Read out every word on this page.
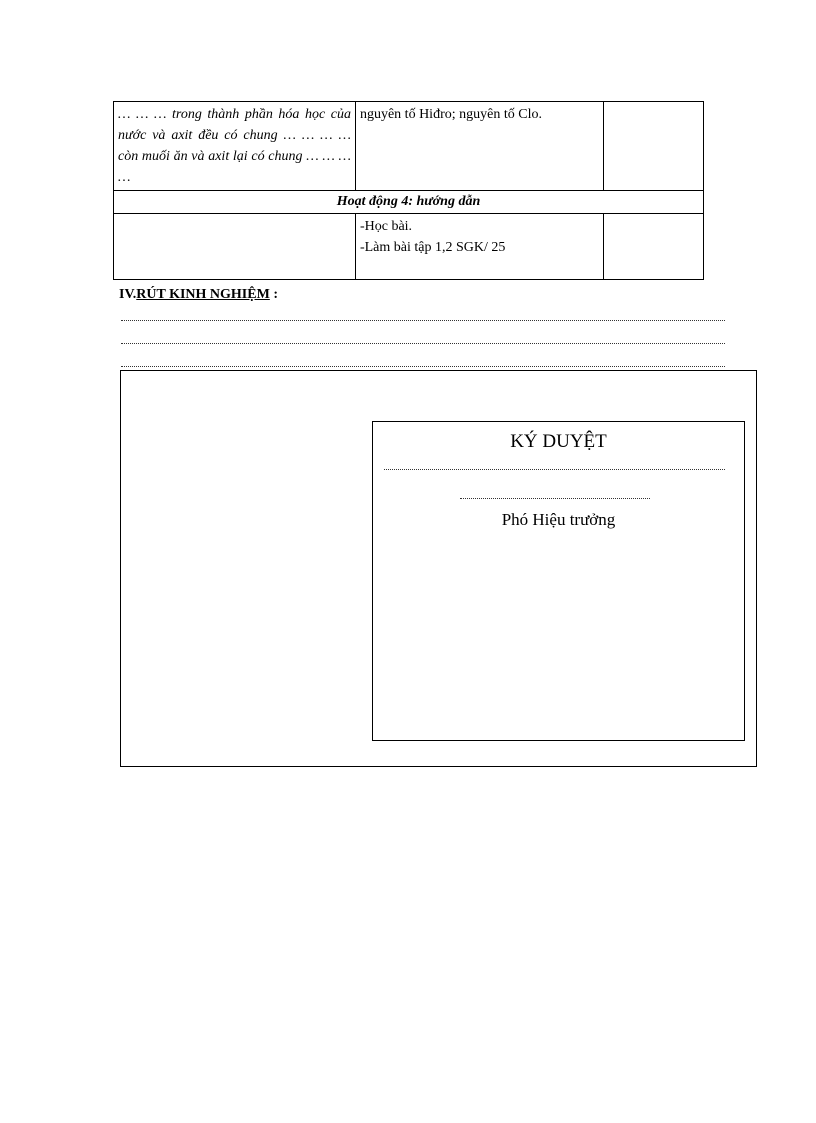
… … … trong thành phần hóa học của nước và axit đều có chung … … … … còn muối ăn và axit lại có chung … … … …	nguyên tố Hiđro; nguyên tố Clo.	
Hoạt động 4: hướng dẫn		

	-Học bài.
-Làm bài tập 1,2 SGK/ 25	

IV.RÚT KINH NGHIỆM :
KÝ DUYỆT
Phó Hiệu trưởng
